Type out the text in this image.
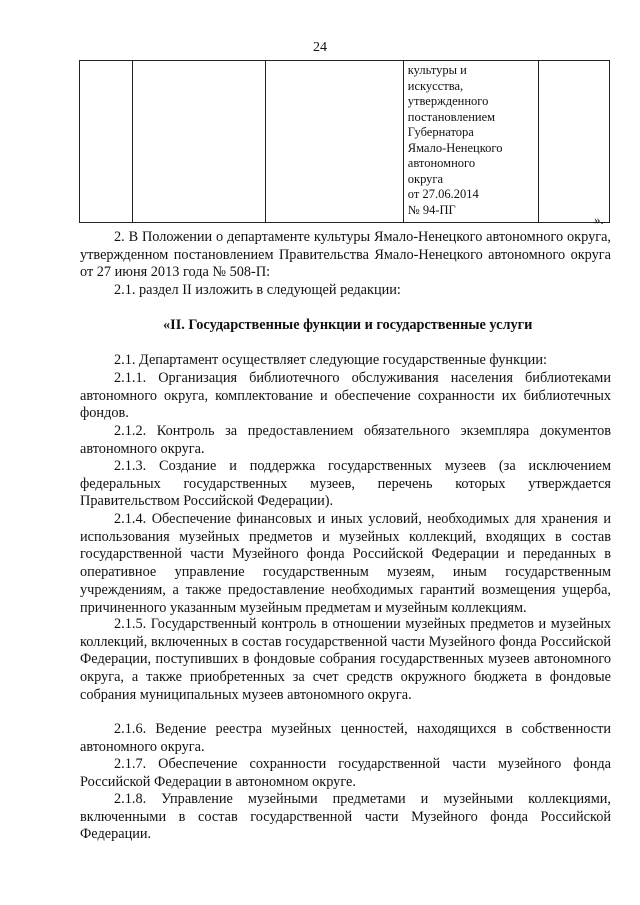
24

культуры и
искусства,
утвержденного
постановлением
Губернатора
Ямало-Ненецкого
автономного
округа
от 27.06.2014
№ 94-ПГ

».
2. В Положении о департаменте культуры Ямало-Ненецкого автономного округа, утвержденном постановлением Правительства Ямало-Ненецкого автономного округа от 27 июня 2013 года № 508-П:
2.1. раздел II изложить в следующей редакции:
«II. Государственные функции и государственные услуги
2.1. Департамент осуществляет следующие государственные функции:
2.1.1. Организация библиотечного обслуживания населения библиотеками автономного округа, комплектование и обеспечение сохранности их библиотечных фондов.
2.1.2. Контроль за предоставлением обязательного экземпляра документов автономного округа.
2.1.3. Создание и поддержка государственных музеев (за исключением федеральных государственных музеев, перечень которых утверждается Правительством Российской Федерации).
2.1.4. Обеспечение финансовых и иных условий, необходимых для хранения и использования музейных предметов и музейных коллекций, входящих в состав государственной части Музейного фонда Российской Федерации и переданных в оперативное управление государственным музеям, иным государственным учреждениям, а также предоставление необходимых гарантий возмещения ущерба, причиненного указанным музейным предметам и музейным коллекциям.
2.1.5. Государственный контроль в отношении музейных предметов и музейных коллекций, включенных в состав государственной части Музейного фонда Российской Федерации, поступивших в фондовые собрания государственных музеев автономного округа, а также приобретенных за счет средств окружного бюджета в фондовые собрания муниципальных музеев автономного округа.
2.1.6. Ведение реестра музейных ценностей, находящихся в собственности автономного округа.
2.1.7. Обеспечение сохранности государственной части музейного фонда Российской Федерации в автономном округе.
2.1.8. Управление музейными предметами и музейными коллекциями, включенными в состав государственной части Музейного фонда Российской Федерации.
